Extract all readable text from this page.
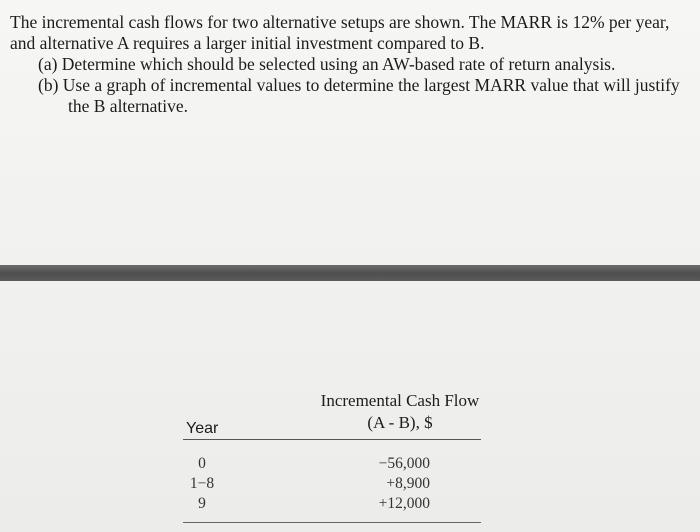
The incremental cash flows for two alternative setups are shown. The MARR is 12% per year, and alternative A requires a larger initial investment compared to B.

(a) Determine which should be selected using an AW-based rate of return analysis.

(b) Use a graph of incremental values to determine the largest MARR value that will justify the B alternative.

Incremental Cash Flow
(A - B), $
Year
0
1−8
9
−56,000
+8,900
+12,000
